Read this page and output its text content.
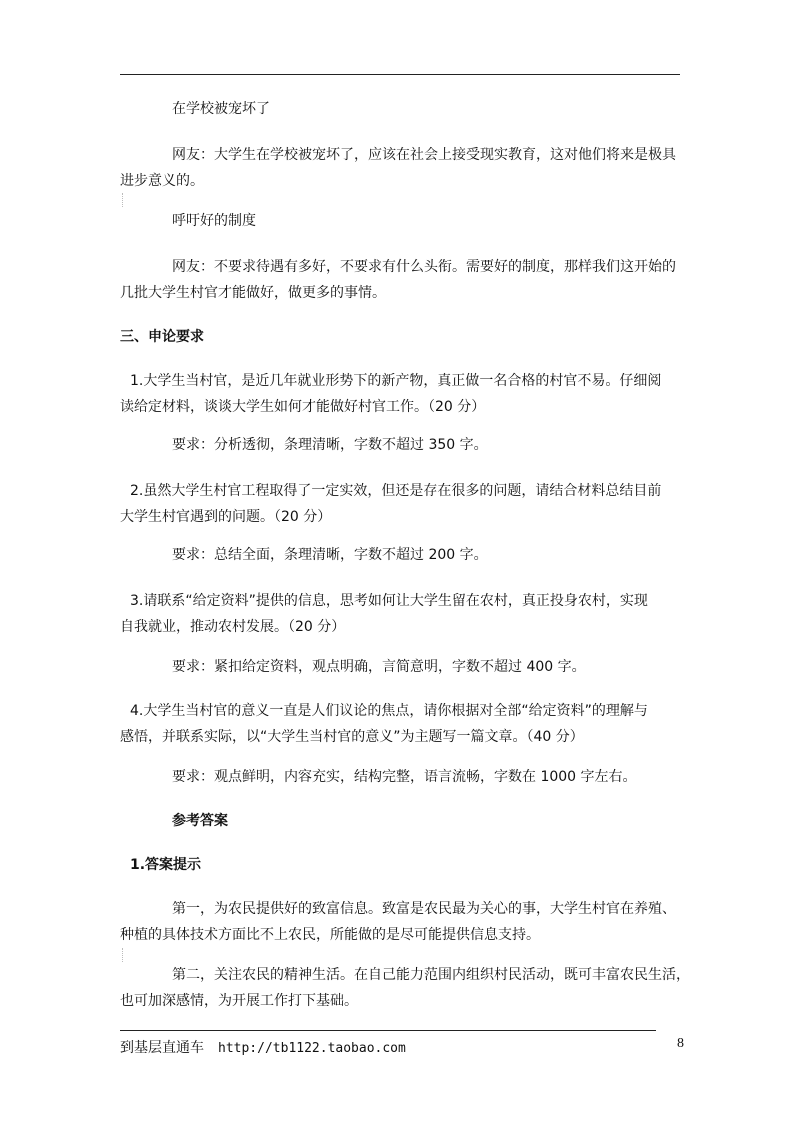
在学校被宠坏了
网友：大学生在学校被宠坏了，应该在社会上接受现实教育，这对他们将来是极具
进步意义的。
呼吁好的制度
网友：不要求待遇有多好，不要求有什么头衔。需要好的制度，那样我们这开始的
几批大学生村官才能做好，做更多的事情。
三、申论要求
1.大学生当村官，是近几年就业形势下的新产物，真正做一名合格的村官不易。仔细阅
读给定材料，谈谈大学生如何才能做好村官工作。（20 分）
要求：分析透彻，条理清晰，字数不超过 350 字。
2.虽然大学生村官工程取得了一定实效，但还是存在很多的问题，请结合材料总结目前
大学生村官遇到的问题。（20 分）
要求：总结全面，条理清晰，字数不超过 200 字。
3.请联系“给定资料”提供的信息，思考如何让大学生留在农村，真正投身农村，实现
自我就业，推动农村发展。（20 分）
要求：紧扣给定资料，观点明确，言简意明，字数不超过 400 字。
4.大学生当村官的意义一直是人们议论的焦点，请你根据对全部“给定资料”的理解与
感悟，并联系实际，以“大学生当村官的意义”为主题写一篇文章。（40 分）
要求：观点鲜明，内容充实，结构完整，语言流畅，字数在 1000 字左右。
参考答案
1.答案提示
第一，为农民提供好的致富信息。致富是农民最为关心的事，大学生村官在养殖、
种植的具体技术方面比不上农民，所能做的是尽可能提供信息支持。
第二，关注农民的精神生活。在自己能力范围内组织村民活动，既可丰富农民生活，
也可加深感情，为开展工作打下基础。
到基层直通车 http://tb1122.taobao.com	8
